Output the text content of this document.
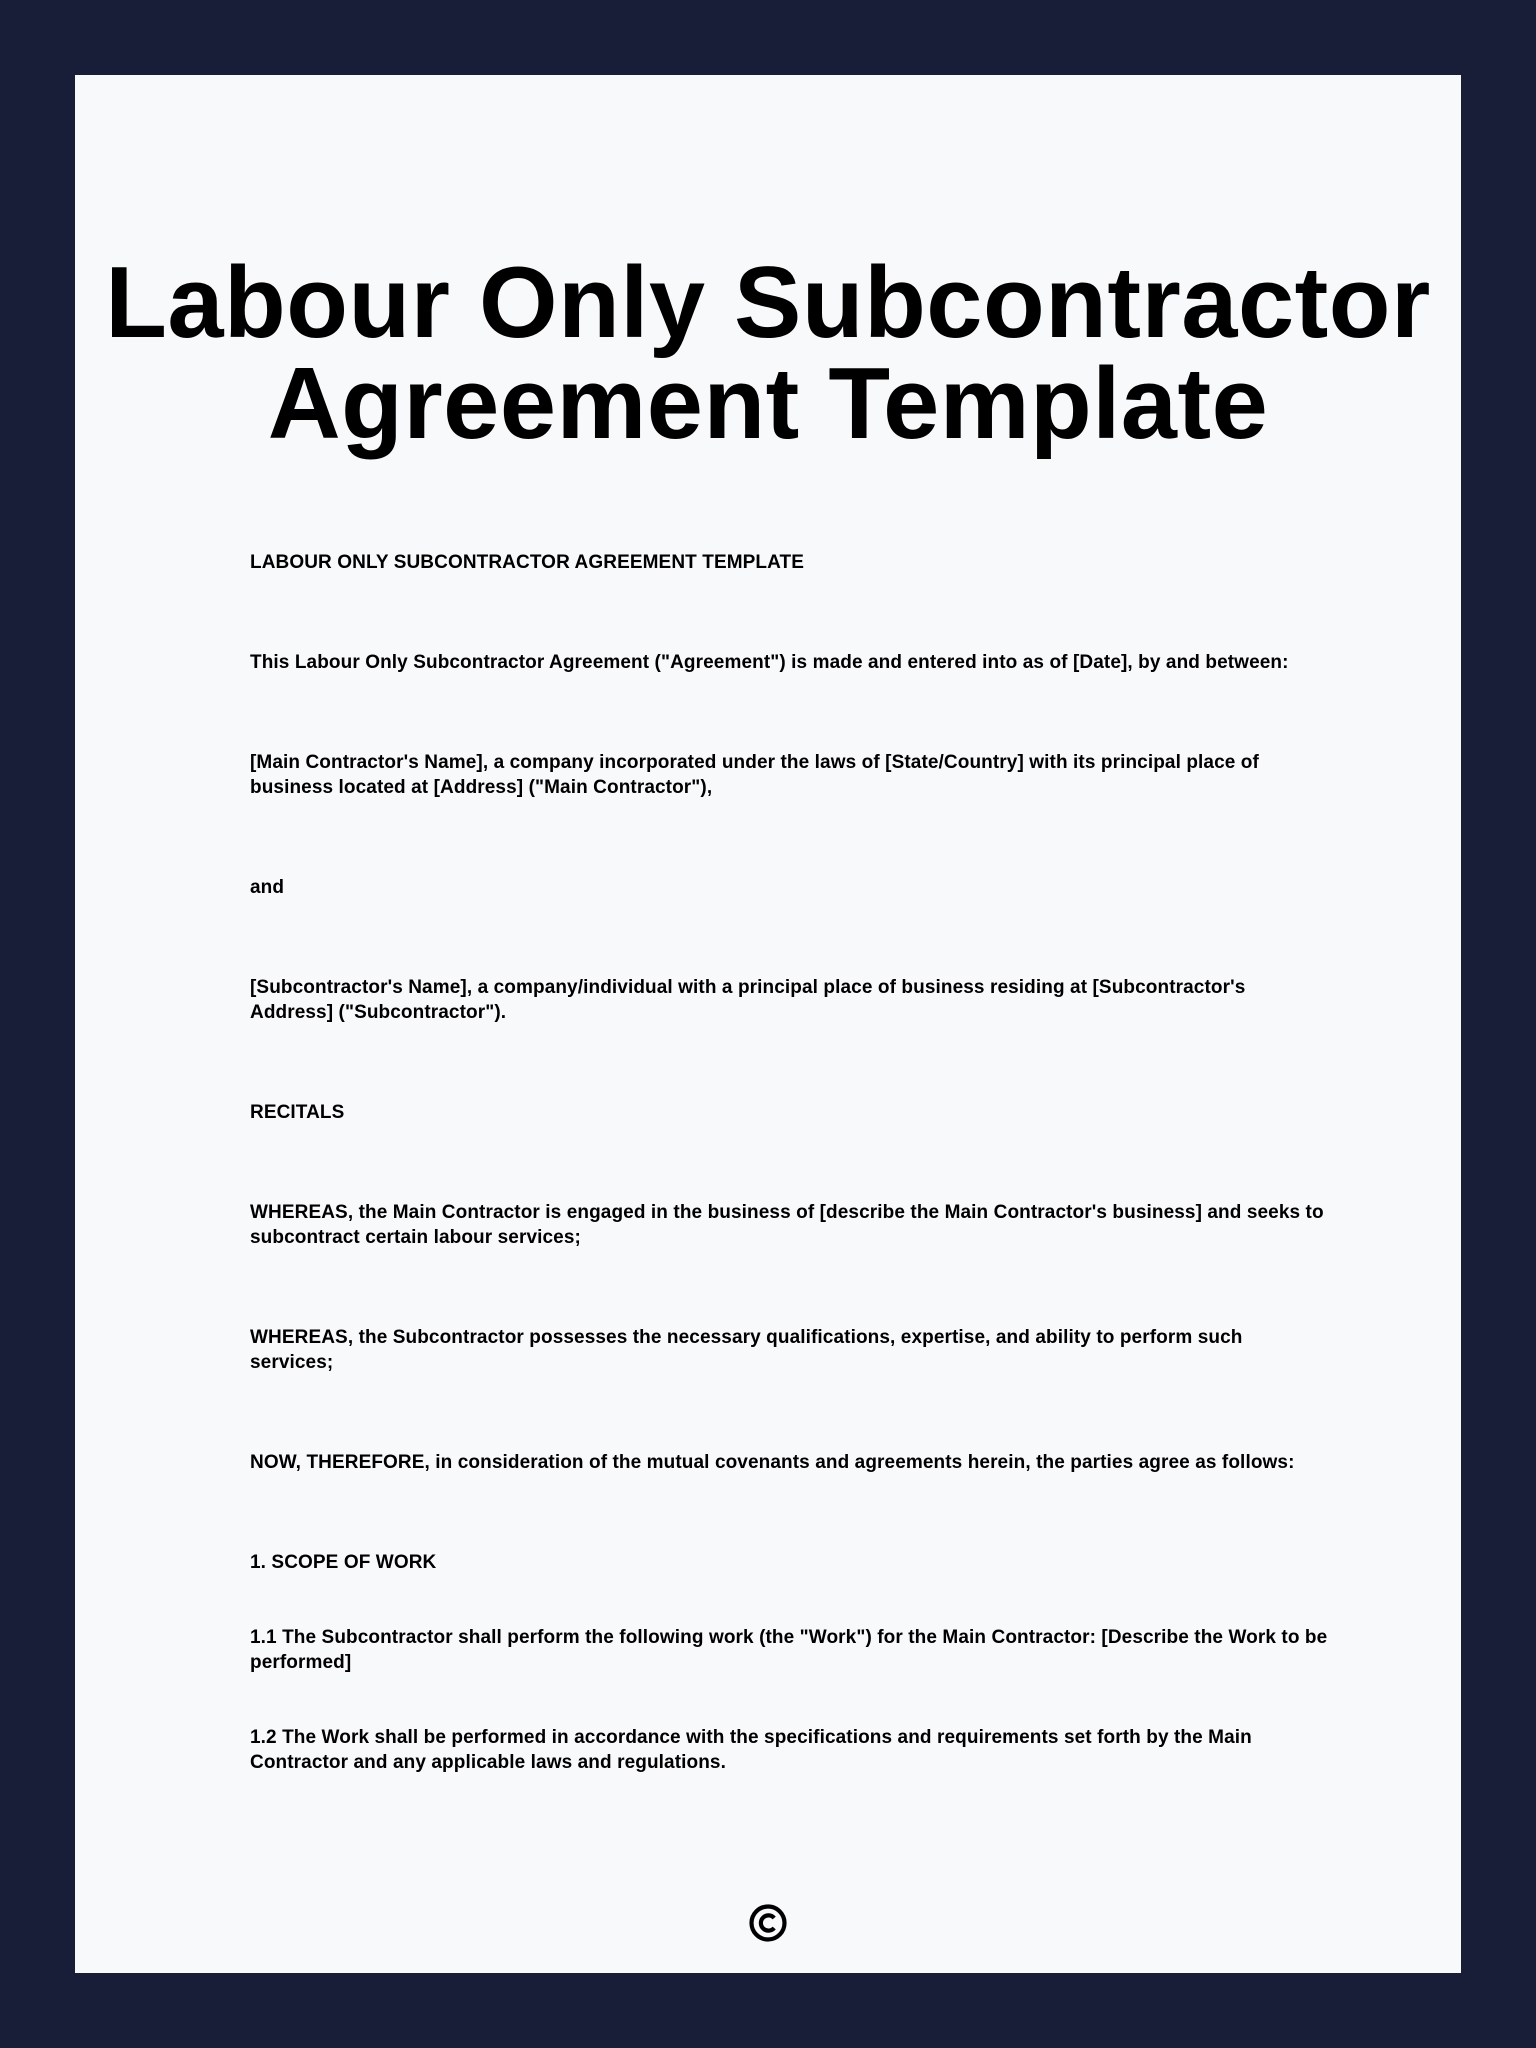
Labour Only Subcontractor Agreement Template

LABOUR ONLY SUBCONTRACTOR AGREEMENT TEMPLATE

This Labour Only Subcontractor Agreement ("Agreement") is made and entered into as of [Date], by and between:

[Main Contractor's Name], a company incorporated under the laws of [State/Country] with its principal place of business located at [Address] ("Main Contractor"),

and

[Subcontractor's Name], a company/individual with a principal place of business residing at [Subcontractor's Address] ("Subcontractor").

RECITALS

WHEREAS, the Main Contractor is engaged in the business of [describe the Main Contractor's business] and seeks to subcontract certain labour services;

WHEREAS, the Subcontractor possesses the necessary qualifications, expertise, and ability to perform such services;

NOW, THEREFORE, in consideration of the mutual covenants and agreements herein, the parties agree as follows:

1. SCOPE OF WORK

1.1 The Subcontractor shall perform the following work (the "Work") for the Main Contractor: [Describe the Work to be performed]

1.2 The Work shall be performed in accordance with the specifications and requirements set forth by the Main Contractor and any applicable laws and regulations.
